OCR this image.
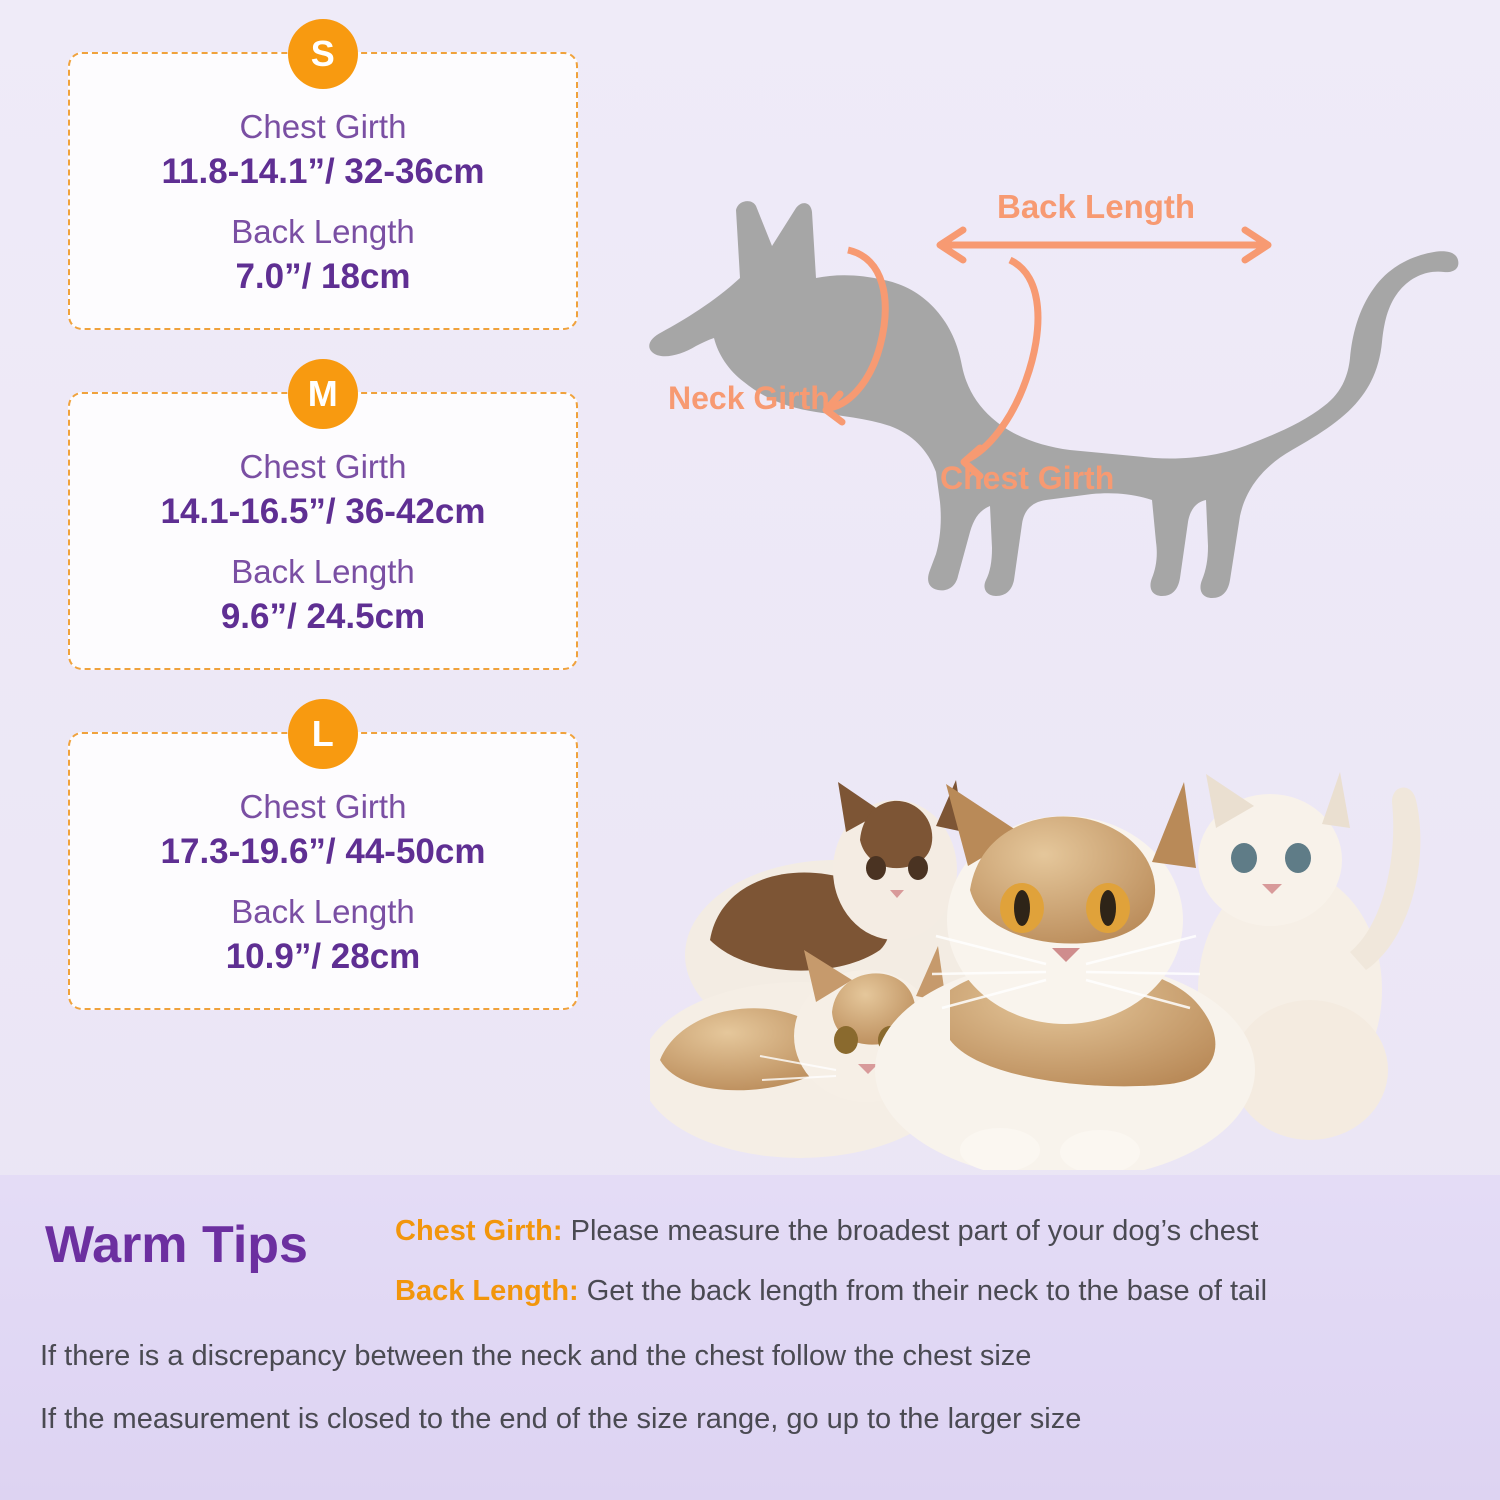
S

Chest Girth

11.8-14.1”/ 32-36cm

Back Length

7.0”/ 18cm

M

Chest Girth

14.1-16.5”/ 36-42cm

Back Length

9.6”/ 24.5cm

L

Chest Girth

17.3-19.6”/ 44-50cm

Back Length

10.9”/ 28cm

Back Length
Neck Girth
Chest Girth
Warm Tips	Chest Girth: Please measure the broadest part of your dog’s chest
Back Length: Get the back length from their neck to the base of tail
If there is a discrepancy between the neck and the chest follow the chest size
If the measurement is closed to the end of the size range, go up to the larger size
